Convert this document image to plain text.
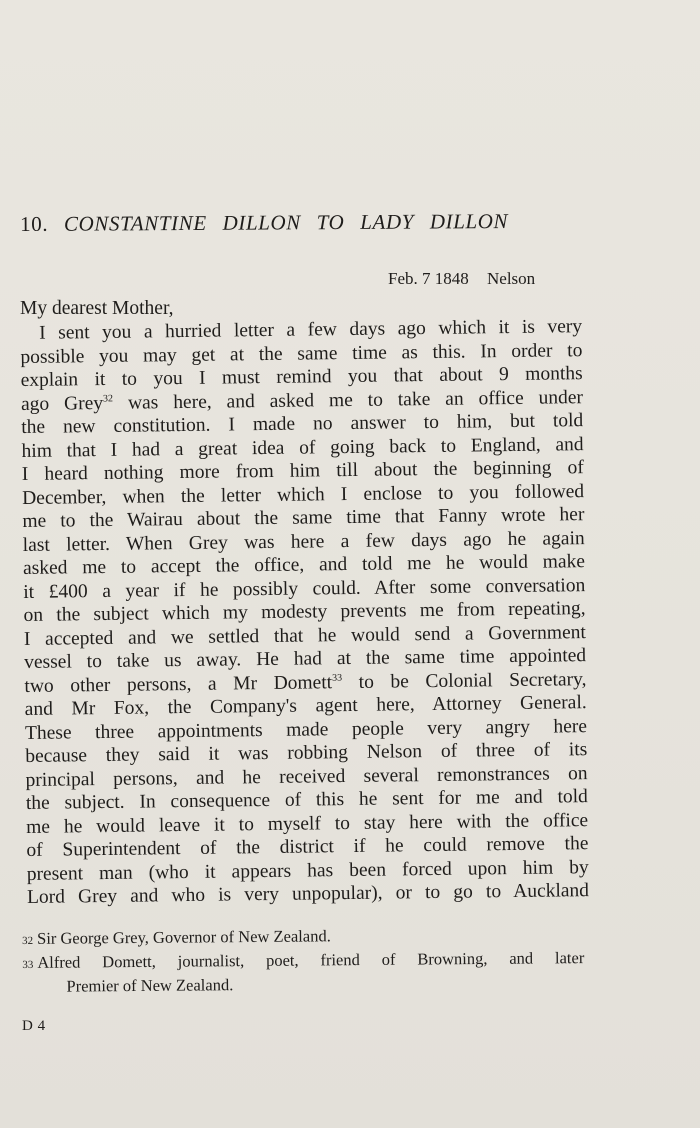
10. CONSTANTINE DILLON TO LADY DILLON
Feb. 7 1848 Nelson
My dearest Mother,
I sent you a hurried letter a few days ago which it is very
possible you may get at the same time as this. In order to
explain it to you I must remind you that about 9 months
ago Grey$^{32}$ was here, and asked me to take an office under
the new constitution. I made no answer to him, but told
him that I had a great idea of going back to England, and
I heard nothing more from him till about the beginning of
December, when the letter which I enclose to you followed
me to the Wairau about the same time that Fanny wrote her
last letter. When Grey was here a few days ago he again
asked me to accept the office, and told me he would make
it £400 a year if he possibly could. After some conversation
on the subject which my modesty prevents me from repeating,
I accepted and we settled that he would send a Government
vessel to take us away. He had at the same time appointed
two other persons, a Mr Domett$^{33}$ to be Colonial Secretary,
and Mr Fox, the Company's agent here, Attorney General.
These three appointments made people very angry here
because they said it was robbing Nelson of three of its
principal persons, and he received several remonstrances on
the subject. In consequence of this he sent for me and told
me he would leave it to myself to stay here with the office
of Superintendent of the district if he could remove the
present man (who it appears has been forced upon him by
Lord Grey and who is very unpopular), or to go to Auckland
32 Sir George Grey, Governor of New Zealand.
33 Alfred Domett, journalist, poet, friend of Browning, and later
Premier of New Zealand.
D 4
